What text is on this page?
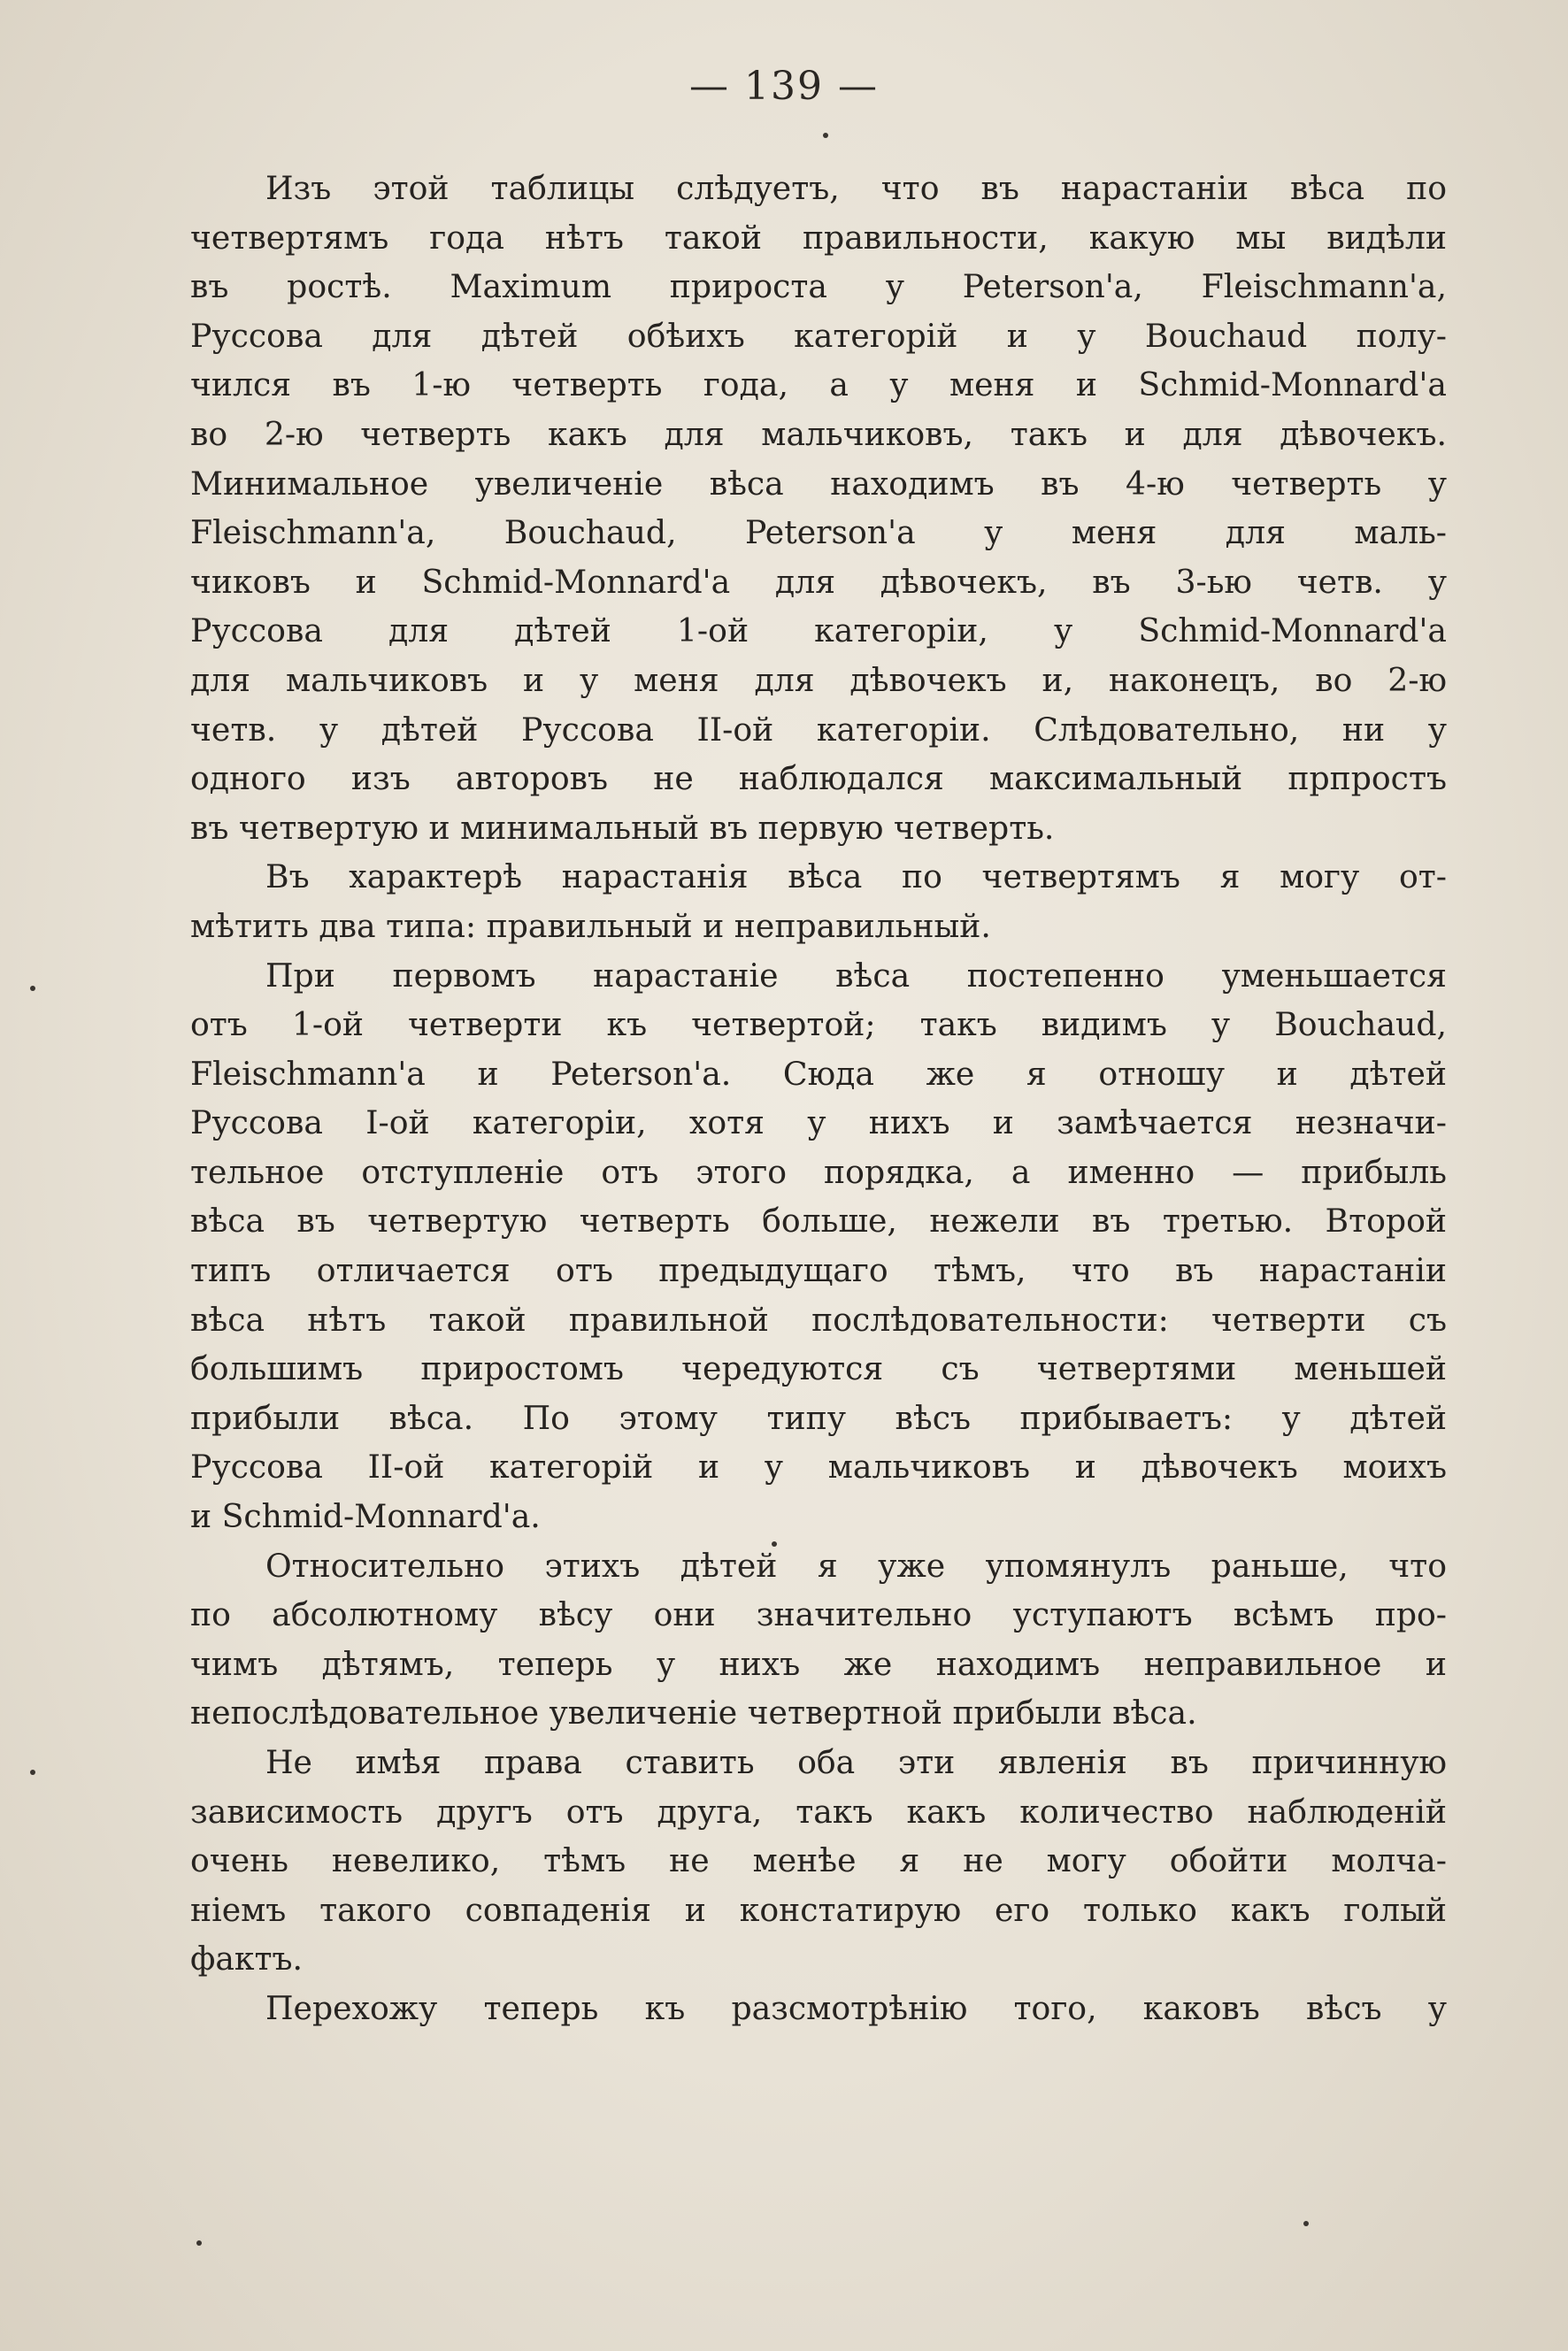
— 139 —
Изъ этой таблицы слѣдуетъ, что въ нарастаніи вѣса по
четвертямъ года нѣтъ такой правильности, какую мы видѣли
въ ростѣ. Maximum прироста у Peterson'а, Fleischmann'а,
Руссова для дѣтей обѣихъ категорій и у Bouchaud полу-
чился въ 1-ю четверть года, а у меня и Schmid-Monnard'а
во 2-ю четверть какъ для мальчиковъ, такъ и для дѣвочекъ.
Минимальное увеличеніе вѣса находимъ въ 4-ю четверть у
Fleischmann'а, Bouchaud, Peterson'а у меня для маль-
чиковъ и Schmid-Monnard'а для дѣвочекъ, въ 3-ью четв. у
Руссова для дѣтей 1-ой категоріи, у Schmid-Monnard'а
для мальчиковъ и у меня для дѣвочекъ и, наконецъ, во 2-ю
четв. у дѣтей Руссова II-ой категоріи. Слѣдовательно, ни у
одного изъ авторовъ не наблюдался максимальный прпростъ
въ четвертую и минимальный въ первую четверть.
Въ характерѣ нарастанія вѣса по четвертямъ я могу от-
мѣтить два типа: правильный и неправильный.
При первомъ нарастаніе вѣса постепенно уменьшается
отъ 1-ой четверти къ четвертой; такъ видимъ у Bouchaud,
Fleischmann'а и Peterson'а. Сюда же я отношу и дѣтей
Руссова I-ой категоріи, хотя у нихъ и замѣчается незначи-
тельное отступленіе отъ этого порядка, а именно — прибыль
вѣса въ четвертую четверть больше, нежели въ третью. Второй
типъ отличается отъ предыдущаго тѣмъ, что въ нарастаніи
вѣса нѣтъ такой правильной послѣдовательности: четверти съ
большимъ приростомъ чередуются съ четвертями меньшей
прибыли вѣса. По этому типу вѣсъ прибываетъ: у дѣтей
Руссова II-ой категорій и у мальчиковъ и дѣвочекъ моихъ
и Schmid-Monnard'а.
Относительно этихъ дѣтей я уже упомянулъ раньше, что
по абсолютному вѣсу они значительно уступаютъ всѣмъ про-
чимъ дѣтямъ, теперь у нихъ же находимъ неправильное и
непослѣдовательное увеличеніе четвертной прибыли вѣса.
Не имѣя права ставить оба эти явленія въ причинную
зависимость другъ отъ друга, такъ какъ количество наблюденій
очень невелико, тѣмъ не менѣе я не могу обойти молча-
ніемъ такого совпаденія и констатирую его только какъ голый
фактъ.
Перехожу теперь къ разсмотрѣнію того, каковъ вѣсъ у
